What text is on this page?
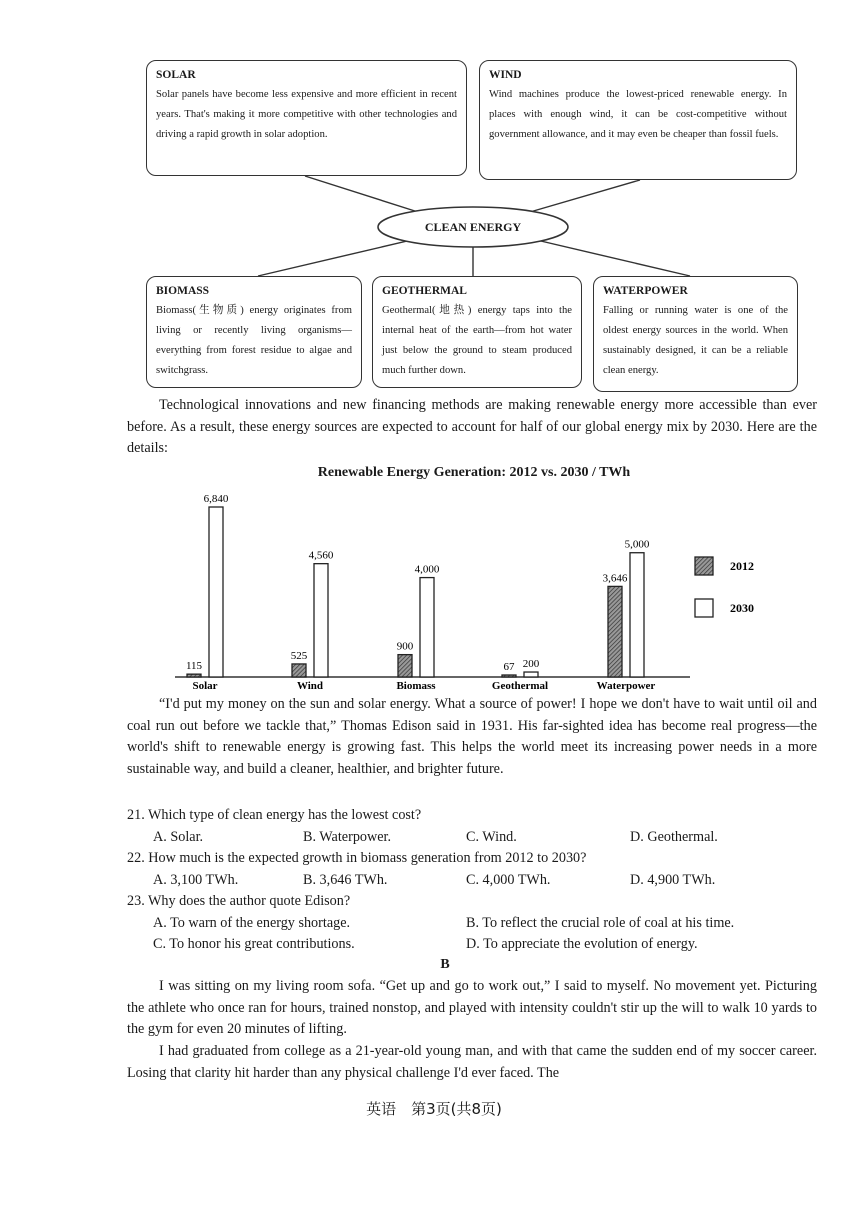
CLEAN ENERGY
SOLAR
Solar panels have become less expensive and more efficient in recent years. That's making it more competitive with other technologies and driving a rapid growth in solar adoption.
WIND
Wind machines produce the lowest-priced renewable energy. In places with enough wind, it can be cost-competitive without government allowance, and it may even be cheaper than fossil fuels.
BIOMASS
Biomass(生物质) energy originates from living or recently living organisms—everything from forest residue to algae and switchgrass.
GEOTHERMAL
Geothermal(地热) energy taps into the internal heat of the earth—from hot water just below the ground to steam produced much further down.
WATERPOWER
Falling or running water is one of the oldest energy sources in the world. When sustainably designed, it can be a reliable clean energy.
Technological innovations and new financing methods are making renewable energy more accessible than ever before. As a result, these energy sources are expected to account for half of our global energy mix by 2030. Here are the details:
Renewable Energy Generation: 2012 vs. 2030 / TWh
115
6,840
Solar
525
4,560
Wind
900
4,000
Biomass
67 200
Geothermal
3,646
5,000
Waterpower
2012
2030
“I'd put my money on the sun and solar energy. What a source of power! I hope we don't have to wait until oil and coal run out before we tackle that,” Thomas Edison said in 1931. His far-sighted idea has become real progress—the world's shift to renewable energy is growing fast. This helps the world meet its increasing power needs in a more sustainable way, and build a cleaner, healthier, and brighter future.
21. Which type of clean energy has the lowest cost?
A. Solar.	B. Waterpower.	C. Wind.	D. Geothermal.
22. How much is the expected growth in biomass generation from 2012 to 2030?
A. 3,100 TWh.	B. 3,646 TWh.	C. 4,000 TWh.	D. 4,900 TWh.
23. Why does the author quote Edison?
A. To warn of the energy shortage.	B. To reflect the crucial role of coal at his time.
C. To honor his great contributions.	D. To appreciate the evolution of energy.
B
I was sitting on my living room sofa. “Get up and go to work out,” I said to myself. No movement yet. Picturing the athlete who once ran for hours, trained nonstop, and played with intensity couldn't stir up the will to walk 10 yards to the gym for even 20 minutes of lifting.
I had graduated from college as a 21-year-old young man, and with that came the sudden end of my soccer career. Losing that clarity hit harder than any physical challenge I'd ever faced. The
英语　第3页(共8页)
